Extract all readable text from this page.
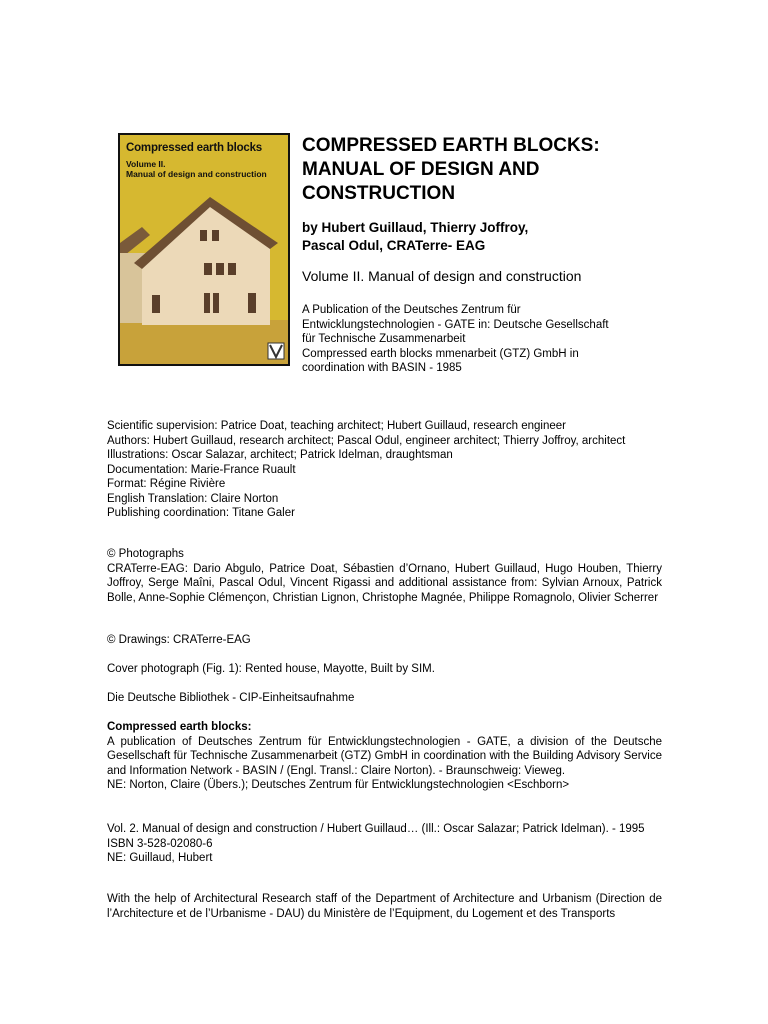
Compressed earth blocks
Volume II.
Manual of design and construction
COMPRESSED EARTH BLOCKS: MANUAL OF DESIGN AND CONSTRUCTION
by Hubert Guillaud, Thierry Joffroy,
Pascal Odul, CRATerre- EAG
Volume II. Manual of design and construction
A Publication of the Deutsches Zentrum für
Entwicklungstechnologien - GATE in: Deutsche Gesellschaft
für Technische Zusammenarbeit
Compressed earth blocks mmenarbeit (GTZ) GmbH in
coordination with BASIN - 1985
Scientific supervision: Patrice Doat, teaching architect; Hubert Guillaud, research engineer
Authors: Hubert Guillaud, research architect; Pascal Odul, engineer architect; Thierry Joffroy, architect
Illustrations: Oscar Salazar, architect; Patrick Idelman, draughtsman
Documentation: Marie-France Ruault
Format: Régine Rivière
English Translation: Claire Norton
Publishing coordination: Titane Galer
© Photographs
CRATerre-EAG: Dario Abgulo, Patrice Doat, Sébastien d’Ornano, Hubert Guillaud, Hugo Houben, Thierry Joffroy, Serge Maîni, Pascal Odul, Vincent Rigassi and additional assistance from: Sylvian Arnoux, Patrick Bolle, Anne-Sophie Clémençon, Christian Lignon, Christophe Magnée, Philippe Romagnolo, Olivier Scherrer
© Drawings: CRATerre-EAG
Cover photograph (Fig. 1): Rented house, Mayotte, Built by SIM.
Die Deutsche Bibliothek - CIP-Einheitsaufnahme
Compressed earth blocks:
A publication of Deutsches Zentrum für Entwicklungstechnologien - GATE, a division of the Deutsche Gesellschaft für Technische Zusammenarbeit (GTZ) GmbH in coordination with the Building Advisory Service and Information Network - BASIN / (Engl. Transl.: Claire Norton). - Braunschweig: Vieweg.
NE: Norton, Claire (Übers.); Deutsches Zentrum für Entwicklungstechnologien <Eschborn>
Vol. 2. Manual of design and construction / Hubert Guillaud… (Ill.: Oscar Salazar; Patrick Idelman). - 1995
ISBN 3-528-02080-6
NE: Guillaud, Hubert
With the help of Architectural Research staff of the Department of Architecture and Urbanism (Direction de l’Architecture et de l’Urbanisme - DAU) du Ministère de l’Equipment, du Logement et des Transports
